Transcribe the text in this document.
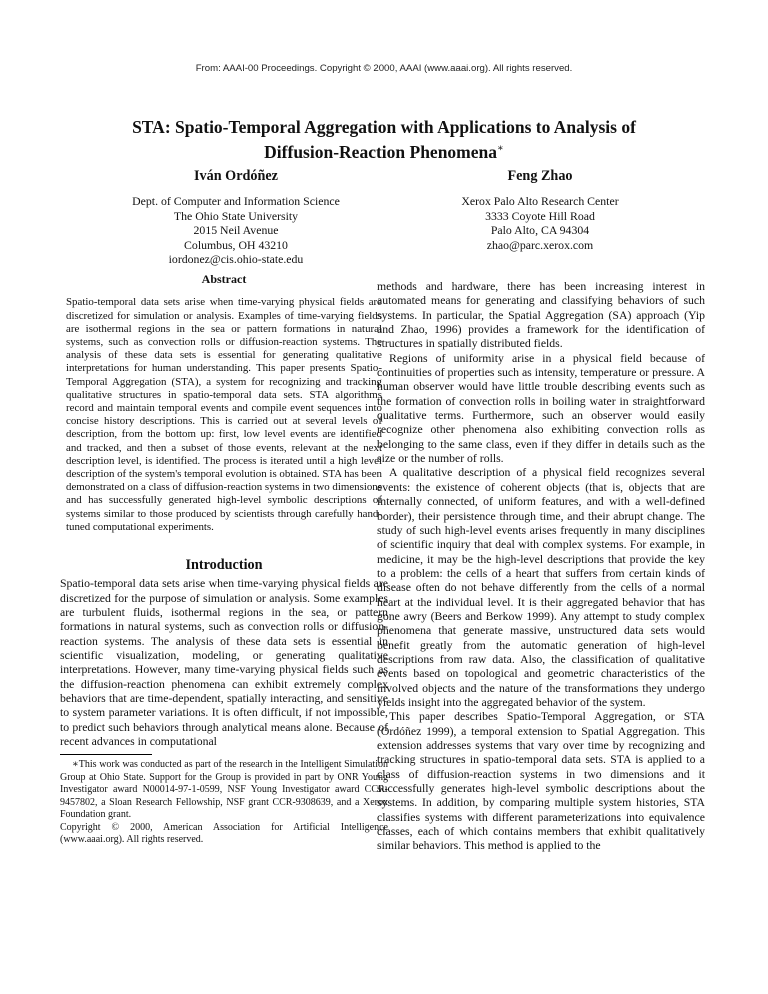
From: AAAI-00 Proceedings. Copyright © 2000, AAAI (www.aaai.org). All rights reserved.
STA: Spatio-Temporal Aggregation with Applications to Analysis of
Diffusion-Reaction Phenomena∗
Iván Ordóñez
Dept. of Computer and Information Science
The Ohio State University
2015 Neil Avenue
Columbus, OH 43210
iordonez@cis.ohio-state.edu
Feng Zhao
Xerox Palo Alto Research Center
3333 Coyote Hill Road
Palo Alto, CA 94304
zhao@parc.xerox.com
Abstract

Spatio-temporal data sets arise when time-varying physical fields are discretized for simulation or analysis. Examples of time-varying fields are isothermal regions in the sea or pattern formations in natural systems, such as convection rolls or diffusion-reaction systems. The analysis of these data sets is essential for generating qualitative interpretations for human understanding. This paper presents Spatio-Temporal Aggregation (STA), a system for recognizing and tracking qualitative structures in spatio-temporal data sets. STA algorithms record and maintain temporal events and compile event sequences into concise history descriptions. This is carried out at several levels of description, from the bottom up: first, low level events are identified and tracked, and then a subset of those events, relevant at the next description level, is identified. The process is iterated until a high level description of the system's temporal evolution is obtained. STA has been demonstrated on a class of diffusion-reaction systems in two dimensions and has successfully generated high-level symbolic descriptions of systems similar to those produced by scientists through carefully hand-tuned computational experiments.

Introduction

Spatio-temporal data sets arise when time-varying physical fields are discretized for the purpose of simulation or analysis. Some examples are turbulent fluids, isothermal regions in the sea, or pattern formations in natural systems, such as convection rolls or diffusion-reaction systems. The analysis of these data sets is essential in scientific visualization, modeling, or generating qualitative interpretations. However, many time-varying physical fields such as the diffusion-reaction phenomena can exhibit extremely complex behaviors that are time-dependent, spatially interacting, and sensitive to system parameter variations. It is often difficult, if not impossible, to predict such behaviors through analytical means alone. Because of recent advances in computational

∗This work was conducted as part of the research in the Intelligent Simulation Group at Ohio State. Support for the Group is provided in part by ONR Young Investigator award N00014-97-1-0599, NSF Young Investigator award CCR-9457802, a Sloan Research Fellowship, NSF grant CCR-9308639, and a Xerox Foundation grant.

Copyright © 2000, American Association for Artificial Intelligence (www.aaai.org). All rights reserved.

methods and hardware, there has been increasing interest in automated means for generating and classifying behaviors of such systems. In particular, the Spatial Aggregation (SA) approach (Yip and Zhao, 1996) provides a framework for the identification of structures in spatially distributed fields.

Regions of uniformity arise in a physical field because of continuities of properties such as intensity, temperature or pressure. A human observer would have little trouble describing events such as the formation of convection rolls in boiling water in straightforward qualitative terms. Furthermore, such an observer would easily recognize other phenomena also exhibiting convection rolls as belonging to the same class, even if they differ in details such as the size or the number of rolls.

A qualitative description of a physical field recognizes several events: the existence of coherent objects (that is, objects that are internally connected, of uniform features, and with a well-defined border), their persistence through time, and their abrupt change. The study of such high-level events arises frequently in many disciplines of scientific inquiry that deal with complex systems. For example, in medicine, it may be the high-level descriptions that provide the key to a problem: the cells of a heart that suffers from certain kinds of disease often do not behave differently from the cells of a normal heart at the individual level. It is their aggregated behavior that has gone awry (Beers and Berkow 1999). Any attempt to study complex phenomena that generate massive, unstructured data sets would benefit greatly from the automatic generation of high-level descriptions from raw data. Also, the classification of qualitative events based on topological and geometric characteristics of the involved objects and the nature of the transformations they undergo yields insight into the aggregated behavior of the system.

This paper describes Spatio-Temporal Aggregation, or STA (Ordóñez 1999), a temporal extension to Spatial Aggregation. This extension addresses systems that vary over time by recognizing and tracking structures in spatio-temporal data sets. STA is applied to a class of diffusion-reaction systems in two dimensions and it successfully generates high-level symbolic descriptions about the systems. In addition, by comparing multiple system histories, STA classifies systems with different parameterizations into equivalence classes, each of which contains members that exhibit qualitatively similar behaviors. This method is applied to the
